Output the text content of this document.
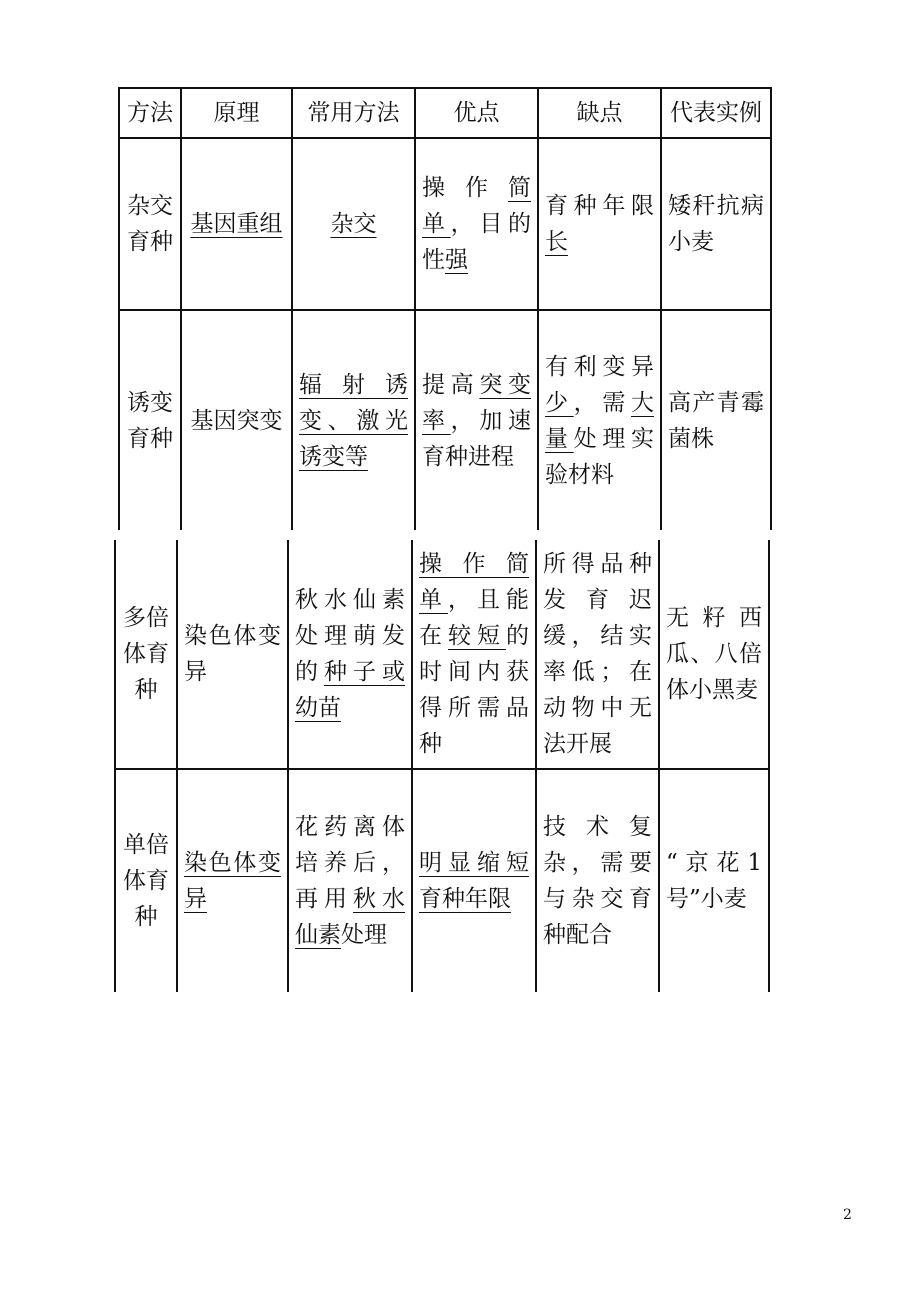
方法	原理	常用方法	优点	缺点	代表实例
杂交育种	基因重组	杂交	操作简单，目的性强	育种年限长	矮秆抗病小麦
诱变育种	基因突变	辐射诱变、激光诱变等	提高突变率，加速育种进程	有利变异少，需大量处理实验材料	高产青霉菌株
多倍体育种	染色体变异	秋水仙素处理萌发的种子或幼苗	操作简单，且能在较短的时间内获得所需品种	所得品种发育迟缓，结实率低；在动物中无法开展	无籽西瓜、八倍体小黑麦
单倍体育种	染色体变异	花药离体培养后，再用秋水仙素处理	明显缩短育种年限	技术复杂，需要与杂交育种配合	“京花1号”小麦
2
